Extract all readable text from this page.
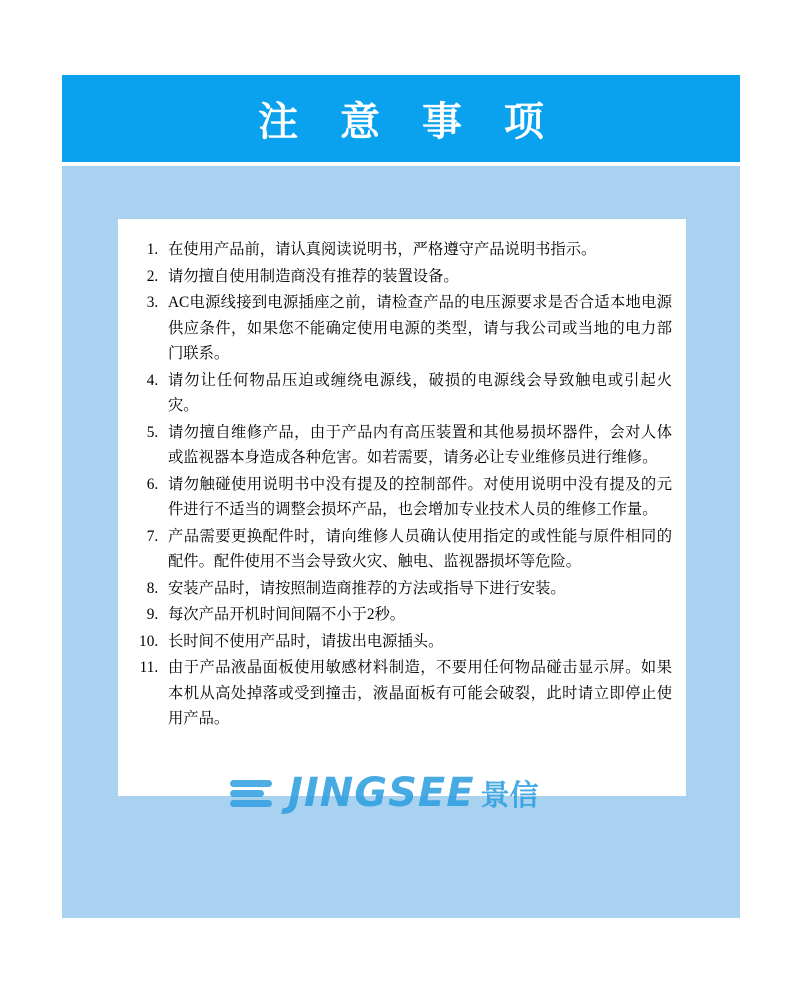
注 意 事 项
1. 在使用产品前，请认真阅读说明书，严格遵守产品说明书指示。
2. 请勿擅自使用制造商没有推荐的装置设备。
3. AC电源线接到电源插座之前，请检查产品的电压源要求是否合适本地电源供应条件，如果您不能确定使用电源的类型，请与我公司或当地的电力部门联系。
4. 请勿让任何物品压迫或缠绕电源线，破损的电源线会导致触电或引起火灾。
5. 请勿擅自维修产品，由于产品内有高压装置和其他易损坏器件，会对人体或监视器本身造成各种危害。如若需要，请务必让专业维修员进行维修。
6. 请勿触碰使用说明书中没有提及的控制部件。对使用说明中没有提及的元件进行不适当的调整会损坏产品，也会增加专业技术人员的维修工作量。
7. 产品需要更换配件时，请向维修人员确认使用指定的或性能与原件相同的配件。配件使用不当会导致火灾、触电、监视器损坏等危险。
8. 安装产品时，请按照制造商推荐的方法或指导下进行安装。
9. 每次产品开机时间间隔不小于2秒。
10. 长时间不使用产品时，请拔出电源插头。
11. 由于产品液晶面板使用敏感材料制造，不要用任何物品碰击显示屏。如果本机从高处掉落或受到撞击，液晶面板有可能会破裂，此时请立即停止使用产品。
JINGSEE 景信
